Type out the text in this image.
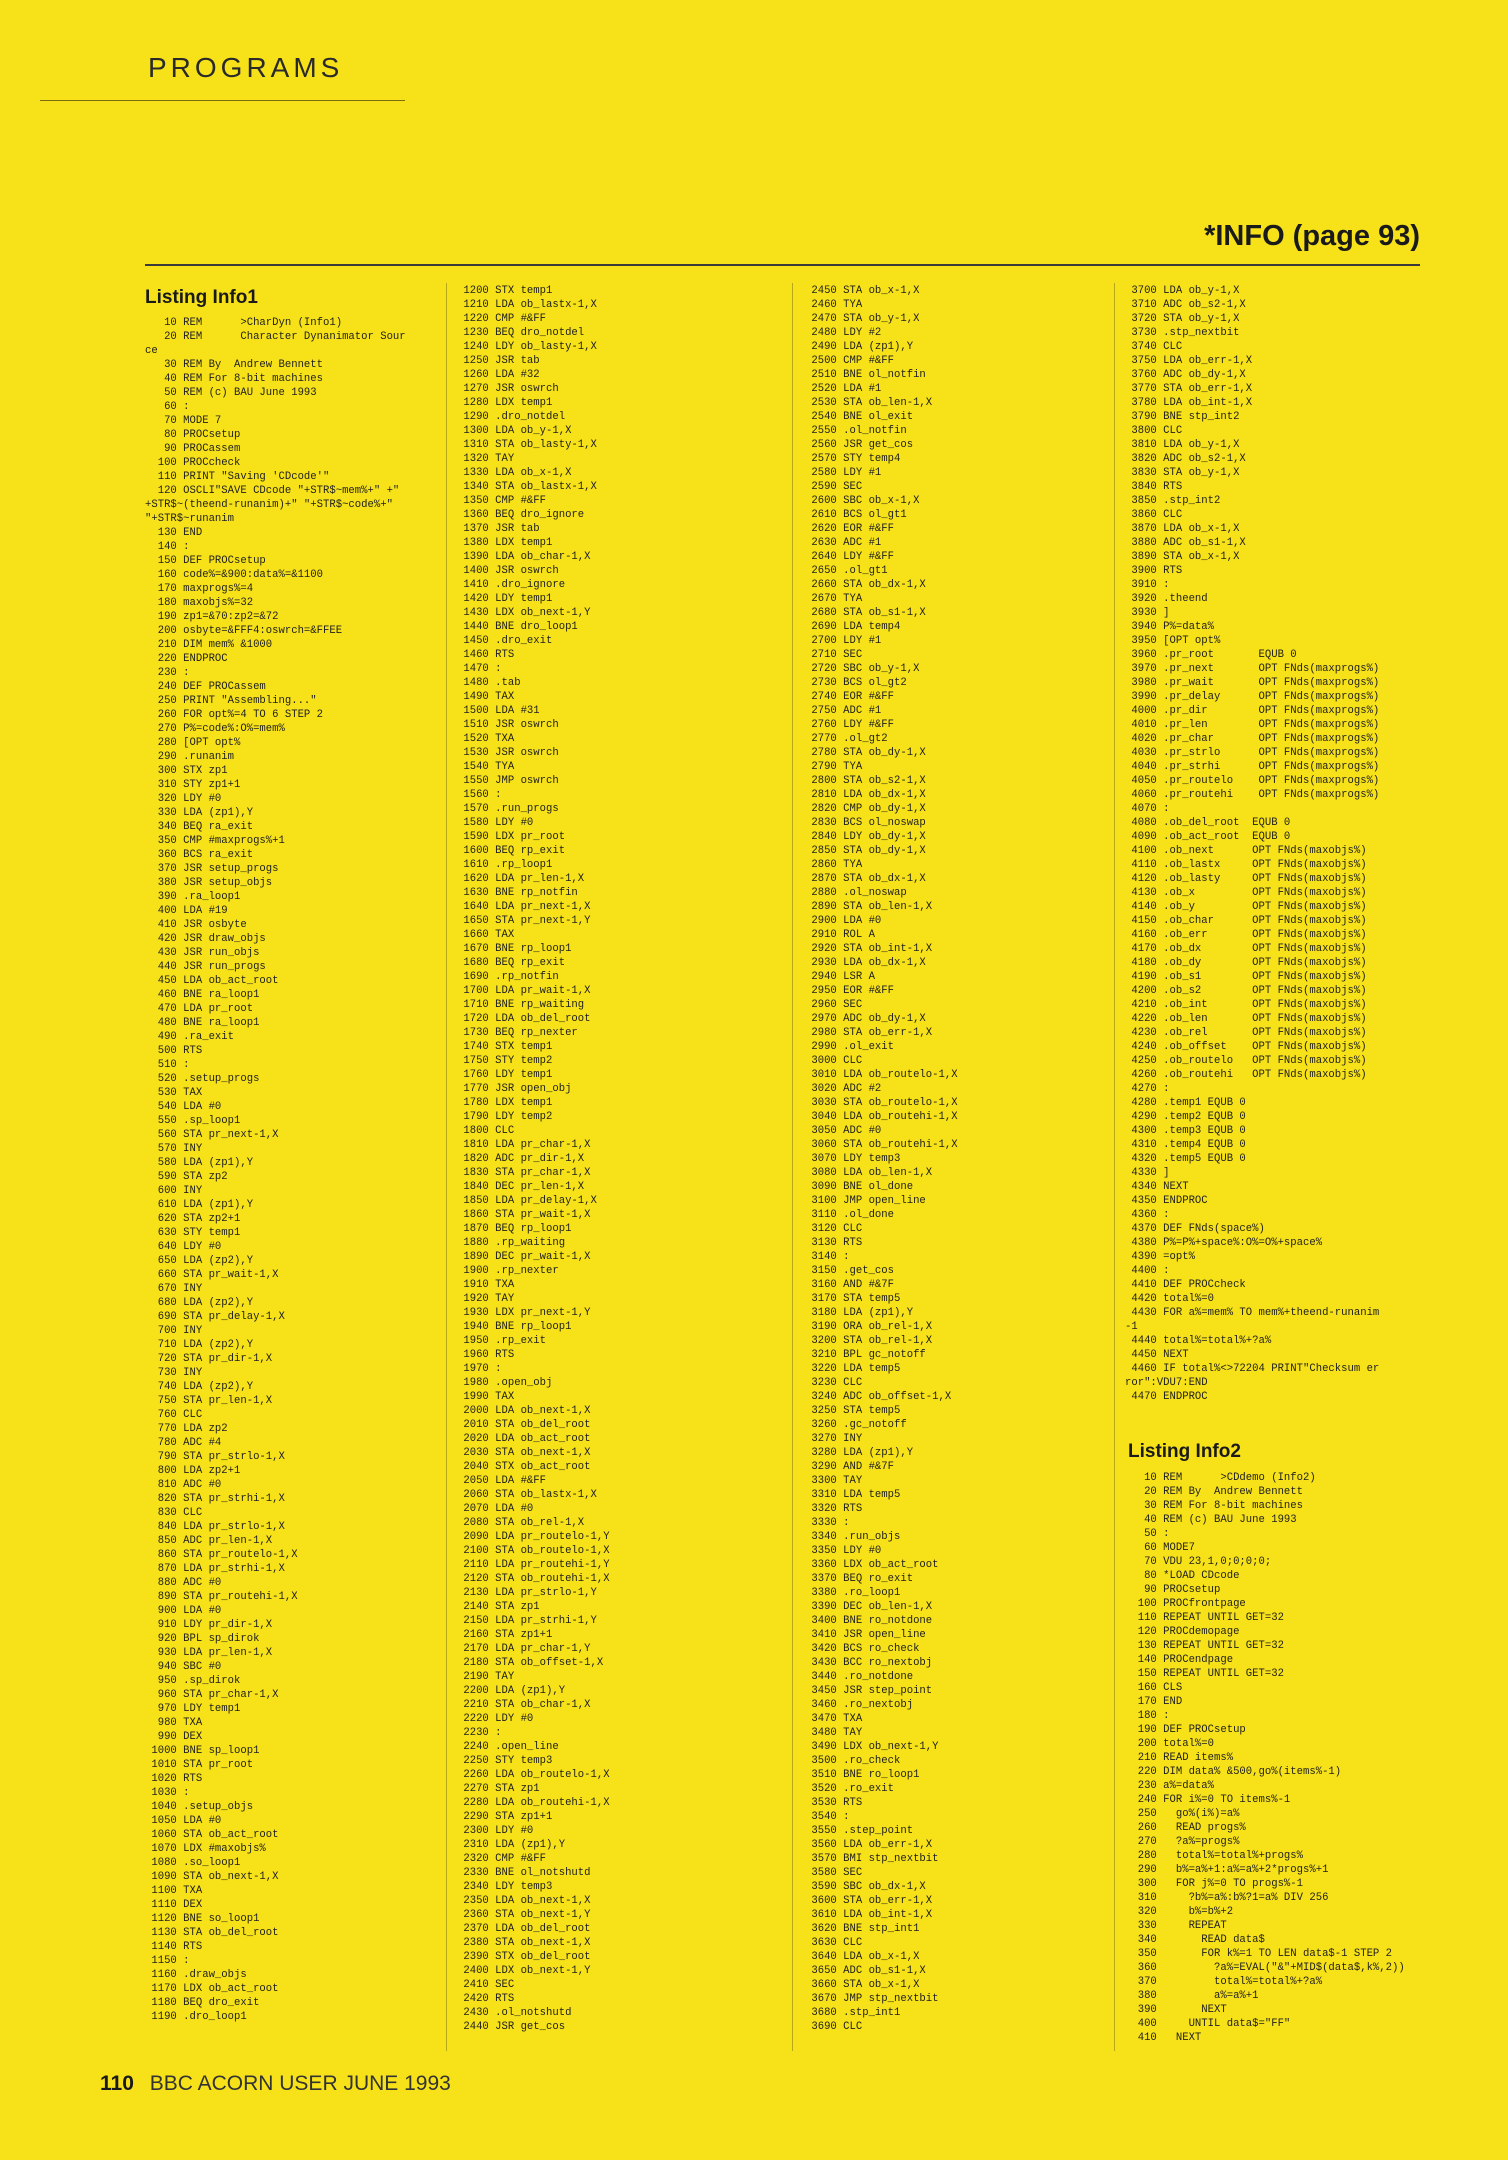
PROGRAMS
*INFO (page 93)
Listing Info1
10 REM      >CharDyn (Info1)
20 REM      Character Dynanimator Sour
ce
30 REM By  Andrew Bennett
40 REM For 8-bit machines
50 REM (c) BAU June 1993
60 :
70 MODE 7
80 PROCsetup
90 PROCassem
100 PROCcheck
110 PRINT "Saving 'CDcode'"
120 OSCLI"SAVE CDcode "+STR$~mem%+" +"
+STR$~(theend-runanim)+" "+STR$~code%+"
"+STR$~runanim
130 END
140 :
150 DEF PROCsetup
160 code%=&900:data%=&1100
170 maxprogs%=4
180 maxobjs%=32
190 zp1=&70:zp2=&72
200 osbyte=&FFF4:oswrch=&FFEE
210 DIM mem% &1000
220 ENDPROC
230 :
240 DEF PROCassem
250 PRINT "Assembling..."
260 FOR opt%=4 TO 6 STEP 2
270 P%=code%:O%=mem%
280 [OPT opt%
290 .runanim
300 STX zp1
310 STY zp1+1
320 LDY #0
330 LDA (zp1),Y
340 BEQ ra_exit
350 CMP #maxprogs%+1
360 BCS ra_exit
370 JSR setup_progs
380 JSR setup_objs
390 .ra_loop1
400 LDA #19
410 JSR osbyte
420 JSR draw_objs
430 JSR run_objs
440 JSR run_progs
450 LDA ob_act_root
460 BNE ra_loop1
470 LDA pr_root
480 BNE ra_loop1
490 .ra_exit
500 RTS
510 :
520 .setup_progs
530 TAX
540 LDA #0
550 .sp_loop1
560 STA pr_next-1,X
570 INY
580 LDA (zp1),Y
590 STA zp2
600 INY
610 LDA (zp1),Y
620 STA zp2+1
630 STY temp1
640 LDY #0
650 LDA (zp2),Y
660 STA pr_wait-1,X
670 INY
680 LDA (zp2),Y
690 STA pr_delay-1,X
700 INY
710 LDA (zp2),Y
720 STA pr_dir-1,X
730 INY
740 LDA (zp2),Y
750 STA pr_len-1,X
760 CLC
770 LDA zp2
780 ADC #4
790 STA pr_strlo-1,X
800 LDA zp2+1
810 ADC #0
820 STA pr_strhi-1,X
830 CLC
840 LDA pr_strlo-1,X
850 ADC pr_len-1,X
860 STA pr_routelo-1,X
870 LDA pr_strhi-1,X
880 ADC #0
890 STA pr_routehi-1,X
900 LDA #0
910 LDY pr_dir-1,X
920 BPL sp_dirok
930 LDA pr_len-1,X
940 SBC #0
950 .sp_dirok
960 STA pr_char-1,X
970 LDY temp1
980 TXA
990 DEX
1000 BNE sp_loop1
1010 STA pr_root
1020 RTS
1030 :
1040 .setup_objs
1050 LDA #0
1060 STA ob_act_root
1070 LDX #maxobjs%
1080 .so_loop1
1090 STA ob_next-1,X
1100 TXA
1110 DEX
1120 BNE so_loop1
1130 STA ob_del_root
1140 RTS
1150 :
1160 .draw_objs
1170 LDX ob_act_root
1180 BEQ dro_exit
1190 .dro_loop1
1200 STX temp1
1210 LDA ob_lastx-1,X
1220 CMP #&FF
1230 BEQ dro_notdel
1240 LDY ob_lasty-1,X
1250 JSR tab
1260 LDA #32
1270 JSR oswrch
1280 LDX temp1
1290 .dro_notdel
1300 LDA ob_y-1,X
1310 STA ob_lasty-1,X
1320 TAY
1330 LDA ob_x-1,X
1340 STA ob_lastx-1,X
1350 CMP #&FF
1360 BEQ dro_ignore
1370 JSR tab
1380 LDX temp1
1390 LDA ob_char-1,X
1400 JSR oswrch
1410 .dro_ignore
1420 LDY temp1
1430 LDX ob_next-1,Y
1440 BNE dro_loop1
1450 .dro_exit
1460 RTS
1470 :
1480 .tab
1490 TAX
1500 LDA #31
1510 JSR oswrch
1520 TXA
1530 JSR oswrch
1540 TYA
1550 JMP oswrch
1560 :
1570 .run_progs
1580 LDY #0
1590 LDX pr_root
1600 BEQ rp_exit
1610 .rp_loop1
1620 LDA pr_len-1,X
1630 BNE rp_notfin
1640 LDA pr_next-1,X
1650 STA pr_next-1,Y
1660 TAX
1670 BNE rp_loop1
1680 BEQ rp_exit
1690 .rp_notfin
1700 LDA pr_wait-1,X
1710 BNE rp_waiting
1720 LDA ob_del_root
1730 BEQ rp_nexter
1740 STX temp1
1750 STY temp2
1760 LDY temp1
1770 JSR open_obj
1780 LDX temp1
1790 LDY temp2
1800 CLC
1810 LDA pr_char-1,X
1820 ADC pr_dir-1,X
1830 STA pr_char-1,X
1840 DEC pr_len-1,X
1850 LDA pr_delay-1,X
1860 STA pr_wait-1,X
1870 BEQ rp_loop1
1880 .rp_waiting
1890 DEC pr_wait-1,X
1900 .rp_nexter
1910 TXA
1920 TAY
1930 LDX pr_next-1,Y
1940 BNE rp_loop1
1950 .rp_exit
1960 RTS
1970 :
1980 .open_obj
1990 TAX
2000 LDA ob_next-1,X
2010 STA ob_del_root
2020 LDA ob_act_root
2030 STA ob_next-1,X
2040 STX ob_act_root
2050 LDA #&FF
2060 STA ob_lastx-1,X
2070 LDA #0
2080 STA ob_rel-1,X
2090 LDA pr_routelo-1,Y
2100 STA ob_routelo-1,X
2110 LDA pr_routehi-1,Y
2120 STA ob_routehi-1,X
2130 LDA pr_strlo-1,Y
2140 STA zp1
2150 LDA pr_strhi-1,Y
2160 STA zp1+1
2170 LDA pr_char-1,Y
2180 STA ob_offset-1,X
2190 TAY
2200 LDA (zp1),Y
2210 STA ob_char-1,X
2220 LDY #0
2230 :
2240 .open_line
2250 STY temp3
2260 LDA ob_routelo-1,X
2270 STA zp1
2280 LDA ob_routehi-1,X
2290 STA zp1+1
2300 LDY #0
2310 LDA (zp1),Y
2320 CMP #&FF
2330 BNE ol_notshutd
2340 LDY temp3
2350 LDA ob_next-1,X
2360 STA ob_next-1,Y
2370 LDA ob_del_root
2380 STA ob_next-1,X
2390 STX ob_del_root
2400 LDX ob_next-1,Y
2410 SEC
2420 RTS
2430 .ol_notshutd
2440 JSR get_cos
2450 STA ob_x-1,X
2460 TYA
2470 STA ob_y-1,X
2480 LDY #2
2490 LDA (zp1),Y
2500 CMP #&FF
2510 BNE ol_notfin
2520 LDA #1
2530 STA ob_len-1,X
2540 BNE ol_exit
2550 .ol_notfin
2560 JSR get_cos
2570 STY temp4
2580 LDY #1
2590 SEC
2600 SBC ob_x-1,X
2610 BCS ol_gt1
2620 EOR #&FF
2630 ADC #1
2640 LDY #&FF
2650 .ol_gt1
2660 STA ob_dx-1,X
2670 TYA
2680 STA ob_s1-1,X
2690 LDA temp4
2700 LDY #1
2710 SEC
2720 SBC ob_y-1,X
2730 BCS ol_gt2
2740 EOR #&FF
2750 ADC #1
2760 LDY #&FF
2770 .ol_gt2
2780 STA ob_dy-1,X
2790 TYA
2800 STA ob_s2-1,X
2810 LDA ob_dx-1,X
2820 CMP ob_dy-1,X
2830 BCS ol_noswap
2840 LDY ob_dy-1,X
2850 STA ob_dy-1,X
2860 TYA
2870 STA ob_dx-1,X
2880 .ol_noswap
2890 STA ob_len-1,X
2900 LDA #0
2910 ROL A
2920 STA ob_int-1,X
2930 LDA ob_dx-1,X
2940 LSR A
2950 EOR #&FF
2960 SEC
2970 ADC ob_dy-1,X
2980 STA ob_err-1,X
2990 .ol_exit
3000 CLC
3010 LDA ob_routelo-1,X
3020 ADC #2
3030 STA ob_routelo-1,X
3040 LDA ob_routehi-1,X
3050 ADC #0
3060 STA ob_routehi-1,X
3070 LDY temp3
3080 LDA ob_len-1,X
3090 BNE ol_done
3100 JMP open_line
3110 .ol_done
3120 CLC
3130 RTS
3140 :
3150 .get_cos
3160 AND #&7F
3170 STA temp5
3180 LDA (zp1),Y
3190 ORA ob_rel-1,X
3200 STA ob_rel-1,X
3210 BPL gc_notoff
3220 LDA temp5
3230 CLC
3240 ADC ob_offset-1,X
3250 STA temp5
3260 .gc_notoff
3270 INY
3280 LDA (zp1),Y
3290 AND #&7F
3300 TAY
3310 LDA temp5
3320 RTS
3330 :
3340 .run_objs
3350 LDY #0
3360 LDX ob_act_root
3370 BEQ ro_exit
3380 .ro_loop1
3390 DEC ob_len-1,X
3400 BNE ro_notdone
3410 JSR open_line
3420 BCS ro_check
3430 BCC ro_nextobj
3440 .ro_notdone
3450 JSR step_point
3460 .ro_nextobj
3470 TXA
3480 TAY
3490 LDX ob_next-1,Y
3500 .ro_check
3510 BNE ro_loop1
3520 .ro_exit
3530 RTS
3540 :
3550 .step_point
3560 LDA ob_err-1,X
3570 BMI stp_nextbit
3580 SEC
3590 SBC ob_dx-1,X
3600 STA ob_err-1,X
3610 LDA ob_int-1,X
3620 BNE stp_int1
3630 CLC
3640 LDA ob_x-1,X
3650 ADC ob_s1-1,X
3660 STA ob_x-1,X
3670 JMP stp_nextbit
3680 .stp_int1
3690 CLC
3700 LDA ob_y-1,X
3710 ADC ob_s2-1,X
3720 STA ob_y-1,X
3730 .stp_nextbit
3740 CLC
3750 LDA ob_err-1,X
3760 ADC ob_dy-1,X
3770 STA ob_err-1,X
3780 LDA ob_int-1,X
3790 BNE stp_int2
3800 CLC
3810 LDA ob_y-1,X
3820 ADC ob_s2-1,X
3830 STA ob_y-1,X
3840 RTS
3850 .stp_int2
3860 CLC
3870 LDA ob_x-1,X
3880 ADC ob_s1-1,X
3890 STA ob_x-1,X
3900 RTS
3910 :
3920 .theend
3930 ]
3940 P%=data%
3950 [OPT opt%
3960 .pr_root       EQUB 0
3970 .pr_next       OPT FNds(maxprogs%)
3980 .pr_wait       OPT FNds(maxprogs%)
3990 .pr_delay      OPT FNds(maxprogs%)
4000 .pr_dir        OPT FNds(maxprogs%)
4010 .pr_len        OPT FNds(maxprogs%)
4020 .pr_char       OPT FNds(maxprogs%)
4030 .pr_strlo      OPT FNds(maxprogs%)
4040 .pr_strhi      OPT FNds(maxprogs%)
4050 .pr_routelo    OPT FNds(maxprogs%)
4060 .pr_routehi    OPT FNds(maxprogs%)
4070 :
4080 .ob_del_root  EQUB 0
4090 .ob_act_root  EQUB 0
4100 .ob_next      OPT FNds(maxobjs%)
4110 .ob_lastx     OPT FNds(maxobjs%)
4120 .ob_lasty     OPT FNds(maxobjs%)
4130 .ob_x         OPT FNds(maxobjs%)
4140 .ob_y         OPT FNds(maxobjs%)
4150 .ob_char      OPT FNds(maxobjs%)
4160 .ob_err       OPT FNds(maxobjs%)
4170 .ob_dx        OPT FNds(maxobjs%)
4180 .ob_dy        OPT FNds(maxobjs%)
4190 .ob_s1        OPT FNds(maxobjs%)
4200 .ob_s2        OPT FNds(maxobjs%)
4210 .ob_int       OPT FNds(maxobjs%)
4220 .ob_len       OPT FNds(maxobjs%)
4230 .ob_rel       OPT FNds(maxobjs%)
4240 .ob_offset    OPT FNds(maxobjs%)
4250 .ob_routelo   OPT FNds(maxobjs%)
4260 .ob_routehi   OPT FNds(maxobjs%)
4270 :
4280 .temp1 EQUB 0
4290 .temp2 EQUB 0
4300 .temp3 EQUB 0
4310 .temp4 EQUB 0
4320 .temp5 EQUB 0
4330 ]
4340 NEXT
4350 ENDPROC
4360 :
4370 DEF FNds(space%)
4380 P%=P%+space%:O%=O%+space%
4390 =opt%
4400 :
4410 DEF PROCcheck
4420 total%=0
4430 FOR a%=mem% TO mem%+theend-runanim
-1
4440 total%=total%+?a%
4450 NEXT
4460 IF total%<>72204 PRINT"Checksum er
ror":VDU7:END
4470 ENDPROC
Listing Info2
10 REM      >CDdemo (Info2)
20 REM By  Andrew Bennett
30 REM For 8-bit machines
40 REM (c) BAU June 1993
50 :
60 MODE7
70 VDU 23,1,0;0;0;0;
80 *LOAD CDcode
90 PROCsetup
100 PROCfrontpage
110 REPEAT UNTIL GET=32
120 PROCdemopage
130 REPEAT UNTIL GET=32
140 PROCendpage
150 REPEAT UNTIL GET=32
160 CLS
170 END
180 :
190 DEF PROCsetup
200 total%=0
210 READ items%
220 DIM data% &500,go%(items%-1)
230 a%=data%
240 FOR i%=0 TO items%-1
250   go%(i%)=a%
260   READ progs%
270   ?a%=progs%
280   total%=total%+progs%
290   b%=a%+1:a%=a%+2*progs%+1
300   FOR j%=0 TO progs%-1
310     ?b%=a%:b%?1=a% DIV 256
320     b%=b%+2
330     REPEAT
340       READ data$
350       FOR k%=1 TO LEN data$-1 STEP 2
360         ?a%=EVAL("&"+MID$(data$,k%,2))
370         total%=total%+?a%
380         a%=a%+1
390       NEXT
400     UNTIL data$="FF"
410   NEXT
110 BBC ACORN USER JUNE 1993
